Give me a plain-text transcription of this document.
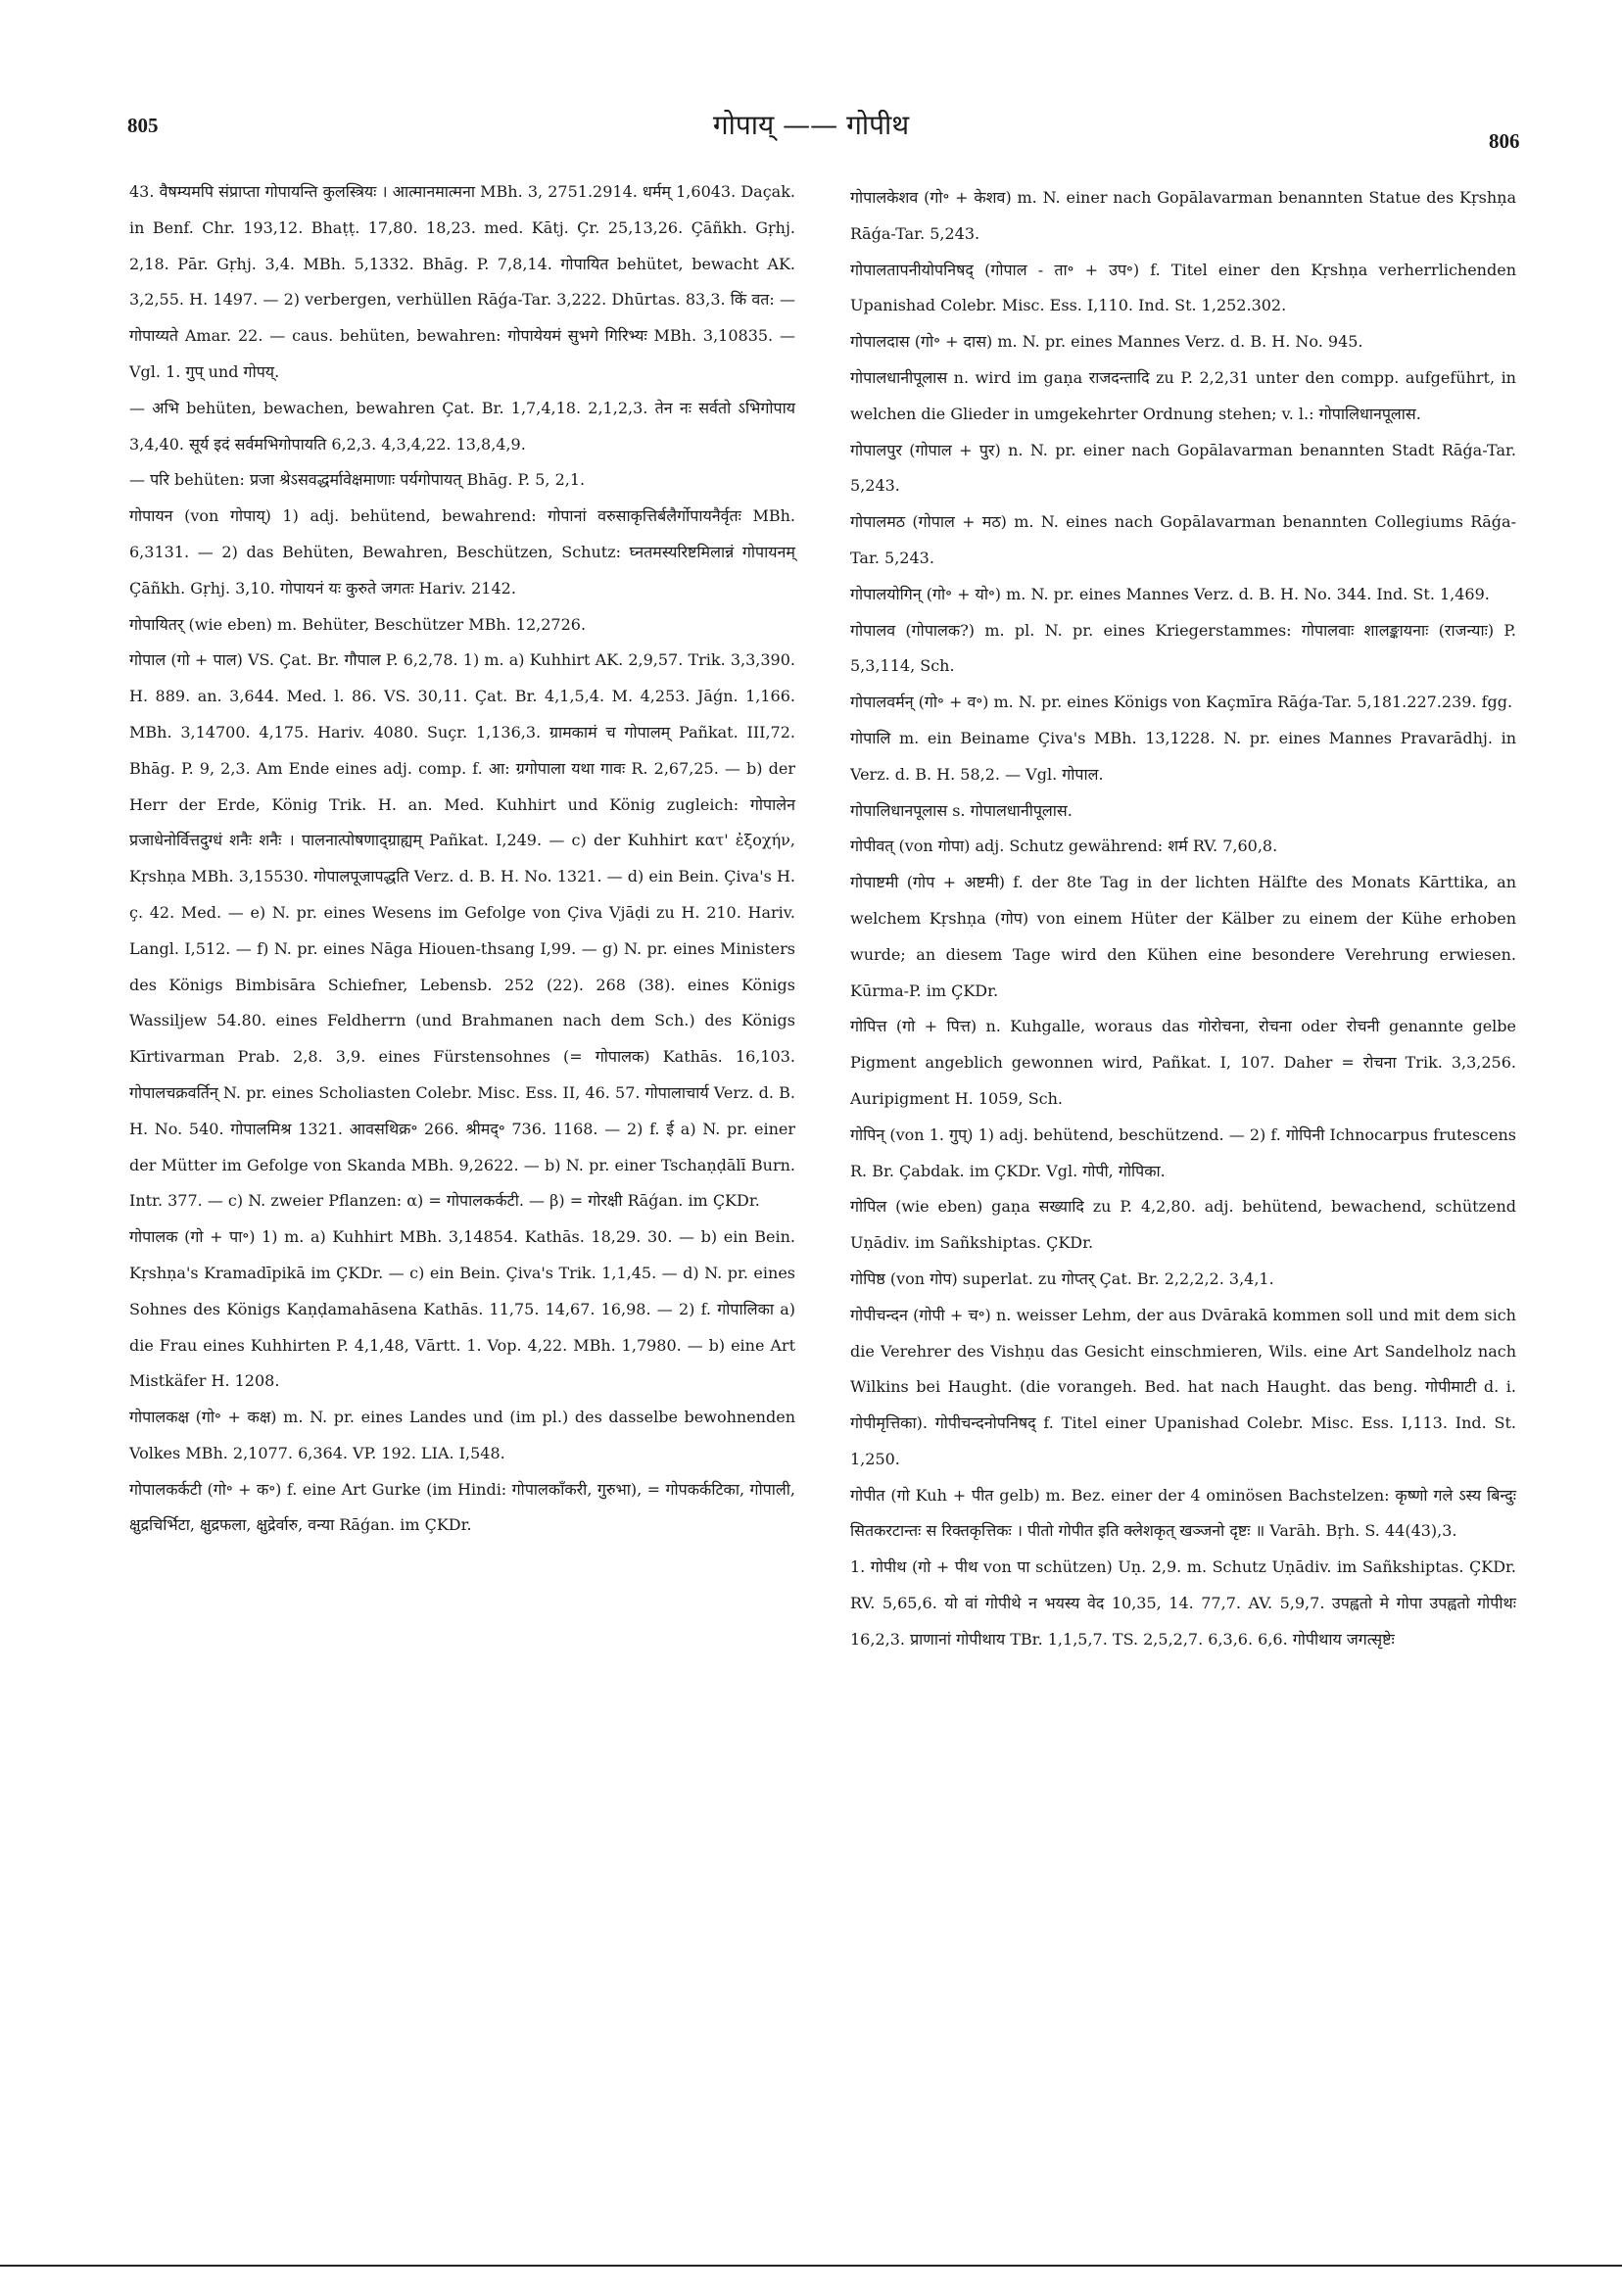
805	गोपाय् —— गोपीथ	806

43. वैषम्यमपि संप्राप्ता गोपायन्ति कुलस्त्रियः । आत्मानमात्मना MBh. 3, 2751.2914. धर्मम् 1,6043. Daçak. in Benf. Chr. 193,12. Bhaṭṭ. 17,80. 18,23. med. Kātj. Çr. 25,13,26. Çāñkh. Gṛhj. 2,18. Pār. Gṛhj. 3,4. MBh. 5,1332. Bhāg. P. 7,8,14. गोपायित behütet, bewacht AK. 3,2,55. H. 1497. — 2) verbergen, verhüllen Rāǵa-Tar. 3,222. Dhūrtas. 83,3. किं वत: — गोपाय्यते Amar. 22. — caus. behüten, bewahren: गोपायेयमं सुभगे गिरिभ्यः MBh. 3,10835. — Vgl. 1. गुप् und गोपय्.

— अभि behüten, bewachen, bewahren Çat. Br. 1,7,4,18. 2,1,2,3. तेन नः सर्वतो ऽभिगोपाय 3,4,40. सूर्य इदं सर्वमभिगोपायति 6,2,3. 4,3,4,22. 13,8,4,9.

— परि behüten: प्रजा श्रेऽसवद्धर्मावेक्षमाणाः पर्यगोपायत् Bhāg. P. 5, 2,1.

गोपायन (von गोपाय्) 1) adj. behütend, bewahrend: गोपानां वरुसाकृत्तिर्बलैर्गोपायनैर्वृतः MBh. 6,3131. — 2) das Behüten, Bewahren, Beschützen, Schutz: घ्नतमस्यरिष्टमिलान्नं गोपायनम् Çāñkh. Gṛhj. 3,10. गोपायनं यः कुरुते जगतः Hariv. 2142.

गोपायितर् (wie eben) m. Behüter, Beschützer MBh. 12,2726.

गोपाल (गो + पाल) VS. Çat. Br. गौपाल P. 6,2,78. 1) m. a) Kuhhirt AK. 2,9,57. Trik. 3,3,390. H. 889. an. 3,644. Med. l. 86. VS. 30,11. Çat. Br. 4,1,5,4. M. 4,253. Jāǵn. 1,166. MBh. 3,14700. 4,175. Hariv. 4080. Suçr. 1,136,3. ग्रामकामं च गोपालम् Pañkat. III,72. Bhāg. P. 9, 2,3. Am Ende eines adj. comp. f. आ: ग्रगोपाला यथा गावः R. 2,67,25. — b) der Herr der Erde, König Trik. H. an. Med. Kuhhirt und König zugleich: गोपालेन प्रजाधेनोर्वित्तदुग्धं शनैः शनैः । पालनात्पोषणाद्ग्राह्यम् Pañkat. I,249. — c) der Kuhhirt κατ' ἐξοχήν, Kṛshṇa MBh. 3,15530. गोपालपूजापद्धति Verz. d. B. H. No. 1321. — d) ein Bein. Çiva's H. ç. 42. Med. — e) N. pr. eines Wesens im Gefolge von Çiva Vjāḍi zu H. 210. Hariv. Langl. I,512. — f) N. pr. eines Nāga Hiouen-thsang I,99. — g) N. pr. eines Ministers des Königs Bimbisāra Schiefner, Lebensb. 252 (22). 268 (38). eines Königs Wassiljew 54.80. eines Feldherrn (und Brahmanen nach dem Sch.) des Königs Kīrtivarman Prab. 2,8. 3,9. eines Fürstensohnes (= गोपालक) Kathās. 16,103. गोपालचक्रवर्तिन् N. pr. eines Scholiasten Colebr. Misc. Ess. II, 46. 57. गोपालाचार्य Verz. d. B. H. No. 540. गोपालमिश्र 1321. आवसथिक्र॰ 266. श्रीमद्॰ 736. 1168. — 2) f. ई a) N. pr. einer der Mütter im Gefolge von Skanda MBh. 9,2622. — b) N. pr. einer Tschaṇḍālī Burn. Intr. 377. — c) N. zweier Pflanzen: α) = गोपालकर्कटी. — β) = गोरक्षी Rāǵan. im ÇKDr.

गोपालक (गो + पा॰) 1) m. a) Kuhhirt MBh. 3,14854. Kathās. 18,29. 30. — b) ein Bein. Kṛshṇa's Kramadīpikā im ÇKDr. — c) ein Bein. Çiva's Trik. 1,1,45. — d) N. pr. eines Sohnes des Königs Kaṇḍamahāsena Kathās. 11,75. 14,67. 16,98. — 2) f. गोपालिका a) die Frau eines Kuhhirten P. 4,1,48, Vārtt. 1. Vop. 4,22. MBh. 1,7980. — b) eine Art Mistkäfer H. 1208.

गोपालकक्ष (गो॰ + कक्ष) m. N. pr. eines Landes und (im pl.) des dasselbe bewohnenden Volkes MBh. 2,1077. 6,364. VP. 192. LIA. I,548.

गोपालकर्कटी (गो॰ + क॰) f. eine Art Gurke (im Hindi: गोपालकाँकरी, गुरुभा), = गोपकर्कटिका, गोपाली, क्षुद्रचिर्भिटा, क्षुद्रफला, क्षुद्रेर्वारु, वन्या Rāǵan. im ÇKDr.

गोपालकेशव (गो॰ + केशव) m. N. einer nach Gopālavarman benannten Statue des Kṛshṇa Rāǵa-Tar. 5,243.

गोपालतापनीयोपनिषद् (गोपाल - ता॰ + उप॰) f. Titel einer den Kṛshṇa verherrlichenden Upanishad Colebr. Misc. Ess. I,110. Ind. St. 1,252.302.

गोपालदास (गो॰ + दास) m. N. pr. eines Mannes Verz. d. B. H. No. 945.

गोपालधानीपूलास n. wird im gaṇa राजदन्तादि zu P. 2,2,31 unter den compp. aufgeführt, in welchen die Glieder in umgekehrter Ordnung stehen; v. l.: गोपालिधानपूलास.

गोपालपुर (गोपाल + पुर) n. N. pr. einer nach Gopālavarman benannten Stadt Rāǵa-Tar. 5,243.

गोपालमठ (गोपाल + मठ) m. N. eines nach Gopālavarman benannten Collegiums Rāǵa-Tar. 5,243.

गोपालयोगिन् (गो॰ + यो॰) m. N. pr. eines Mannes Verz. d. B. H. No. 344. Ind. St. 1,469.

गोपालव (गोपालक?) m. pl. N. pr. eines Kriegerstammes: गोपालवाः शालङ्कायनाः (राजन्याः) P. 5,3,114, Sch.

गोपालवर्मन् (गो॰ + व॰) m. N. pr. eines Königs von Kaçmīra Rāǵa-Tar. 5,181.227.239. fgg.

गोपालि m. ein Beiname Çiva's MBh. 13,1228. N. pr. eines Mannes Pravarādhj. in Verz. d. B. H. 58,2. — Vgl. गोपाल.

गोपालिधानपूलास s. गोपालधानीपूलास.

गोपीवत् (von गोपा) adj. Schutz gewährend: शर्म RV. 7,60,8.

गोपाष्टमी (गोप + अष्टमी) f. der 8te Tag in der lichten Hälfte des Monats Kārttika, an welchem Kṛshṇa (गोप) von einem Hüter der Kälber zu einem der Kühe erhoben wurde; an diesem Tage wird den Kühen eine besondere Verehrung erwiesen. Kūrma-P. im ÇKDr.

गोपित्त (गो + पित्त) n. Kuhgalle, woraus das गोरोचना, रोचना oder रोचनी genannte gelbe Pigment angeblich gewonnen wird, Pañkat. I, 107. Daher = रोचना Trik. 3,3,256. Auripigment H. 1059, Sch.

गोपिन् (von 1. गुप्) 1) adj. behütend, beschützend. — 2) f. गोपिनी Ichnocarpus frutescens R. Br. Çabdak. im ÇKDr. Vgl. गोपी, गोपिका.

गोपिल (wie eben) gaṇa सख्यादि zu P. 4,2,80. adj. behütend, bewachend, schützend Uṇādiv. im Sañkshiptas. ÇKDr.

गोपिष्ठ (von गोप) superlat. zu गोप्तर् Çat. Br. 2,2,2,2. 3,4,1.

गोपीचन्दन (गोपी + च॰) n. weisser Lehm, der aus Dvārakā kommen soll und mit dem sich die Verehrer des Vishṇu das Gesicht einschmieren, Wils. eine Art Sandelholz nach Wilkins bei Haught. (die vorangeh. Bed. hat nach Haught. das beng. गोपीमाटी d. i. गोपीमृत्तिका). गोपीचन्दनोपनिषद् f. Titel einer Upanishad Colebr. Misc. Ess. I,113. Ind. St. 1,250.

गोपीत (गो Kuh + पीत gelb) m. Bez. einer der 4 ominösen Bachstelzen: कृष्णो गले ऽस्य बिन्दुः सितकरटान्तः स रिक्तकृत्तिकः । पीतो गोपीत इति क्लेशकृत् खञ्जनो दृष्टः ॥ Varāh. Bṛh. S. 44(43),3.

1. गोपीथ (गो + पीथ von पा schützen) Uṇ. 2,9. m. Schutz Uṇādiv. im Sañkshiptas. ÇKDr. RV. 5,65,6. यो वां गोपीथे न भयस्य वेद 10,35, 14. 77,7. AV. 5,9,7. उपह्वतो मे गोपा उपह्वतो गोपीथः 16,2,3. प्राणानां गोपीथाय TBr. 1,1,5,7. TS. 2,5,2,7. 6,3,6. 6,6. गोपीथाय जगत्सृष्टेः
